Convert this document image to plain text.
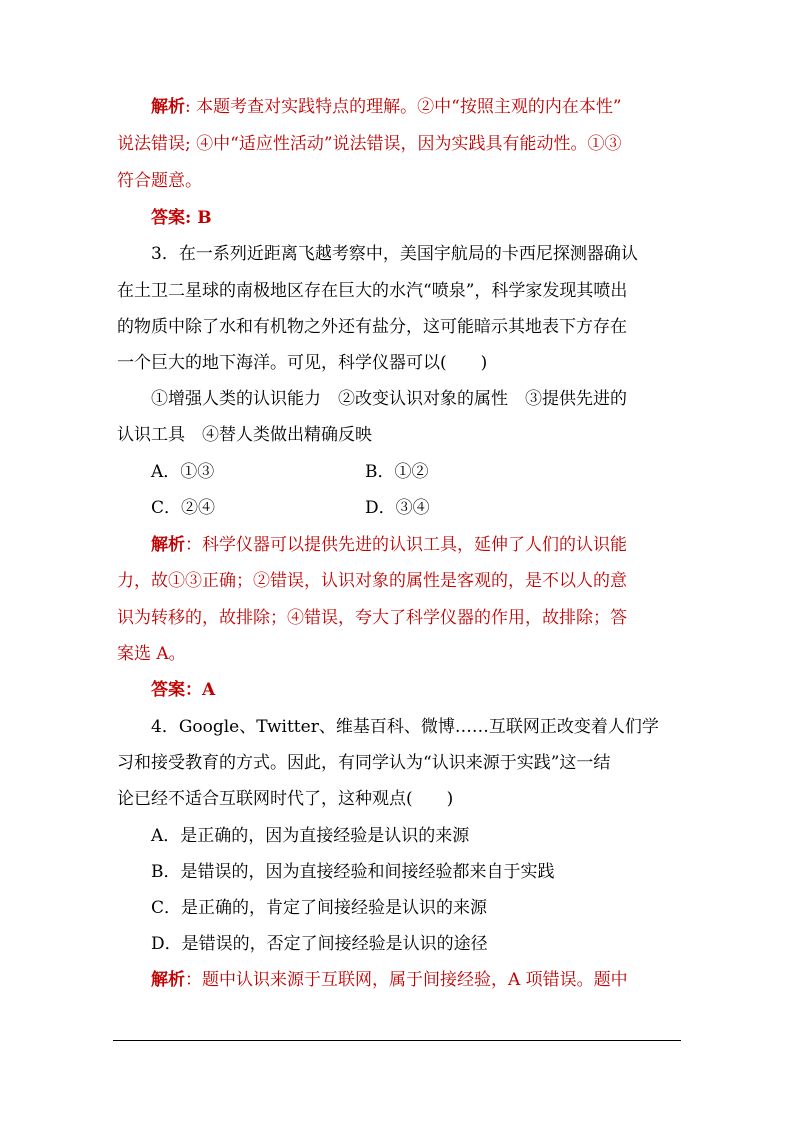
解析: 本题考查对实践特点的理解。②中“按照主观的内在本性”
说法错误; ④中“适应性活动”说法错误，因为实践具有能动性。①③
符合题意。
答案: B
3．在一系列近距离飞越考察中，美国宇航局的卡西尼探测器确认
在土卫二星球的南极地区存在巨大的水汽“喷泉”，科学家发现其喷出
的物质中除了水和有机物之外还有盐分，这可能暗示其地表下方存在
一个巨大的地下海洋。可见，科学仪器可以(　　)
①增强人类的认识能力　②改变认识对象的属性　③提供先进的
认识工具　④替人类做出精确反映
A．①③	B．①②
C．②④	D．③④
解析：科学仪器可以提供先进的认识工具，延伸了人们的认识能
力，故①③正确；②错误，认识对象的属性是客观的，是不以人的意
识为转移的，故排除；④错误，夸大了科学仪器的作用，故排除；答
案选 A。
答案：A
4．Google、Twitter、维基百科、微博……互联网正改变着人们学
习和接受教育的方式。因此，有同学认为“认识来源于实践”这一结
论已经不适合互联网时代了，这种观点(　　)
A．是正确的，因为直接经验是认识的来源
B．是错误的，因为直接经验和间接经验都来自于实践
C．是正确的，肯定了间接经验是认识的来源
D．是错误的，否定了间接经验是认识的途径
解析：题中认识来源于互联网，属于间接经验，A 项错误。题中
